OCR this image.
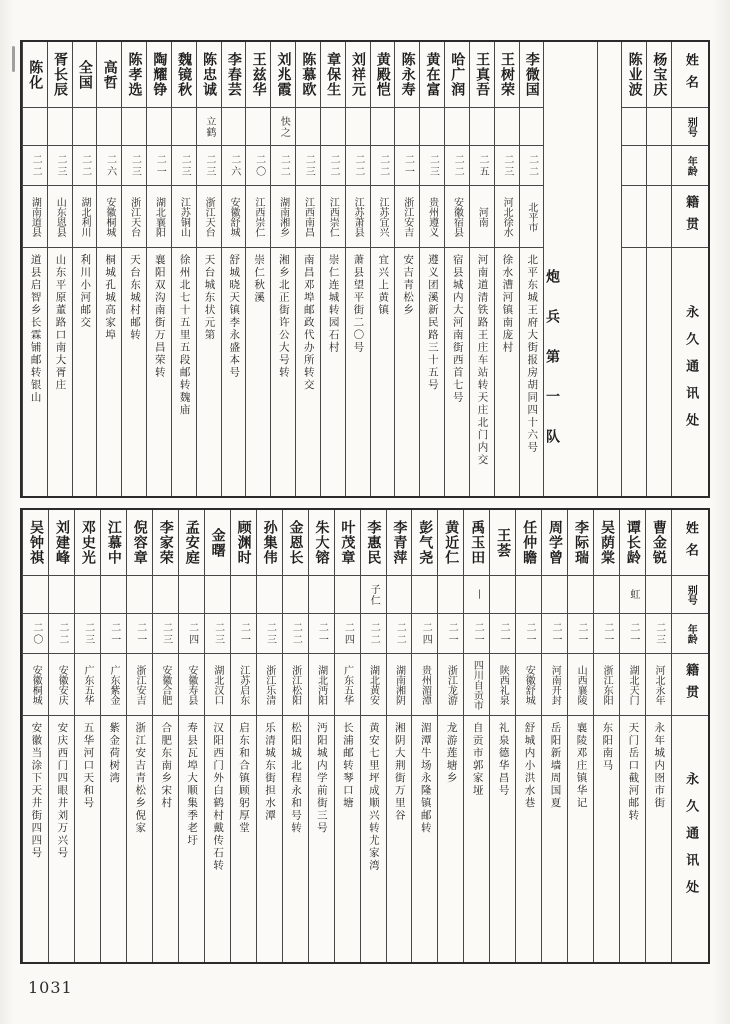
姓名
别号
年龄
籍贯
永久通讯处
杨宝庆
陈业波
炮兵第一队
李微国
二二
北平市
北平东城王府大街报房胡同四十六号
王树荣
二三
河北徐水
徐水漕河镇南庞村
王真吾
二五
河南
河南道清铁路王庄车站转天庄北门内交
哈广润
二二
安徽宿县
宿县城内大河南街西首七号
黄在富
二三
贵州遵义
遵义团溪新民路三十五号
陈永寿
二一
浙江安吉
安吉青松乡
黄殿恺
二二
江苏宜兴
宜兴上黄镇
刘祥元
二二
江苏萧县
萧县望平街二〇号
章保生
二二
江西崇仁
崇仁连城转园石村
陈慕欧
二三
江西南昌
南昌邓埠邮政代办所转交
刘兆霞
快之
二二
湖南湘乡
湘乡北正街许公大号转
王兹华
二〇
江西崇仁
崇仁秋溪
李春芸
二六
安徽舒城
舒城晓天镇李永盛本号
陈忠诚
立鹤
二三
浙江天台
天台城东状元第
魏镜秋
二三
江苏铜山
徐州北七十五里五段邮转魏庙
陶耀铮
二一
湖北襄阳
襄阳双沟南街万昌荣转
陈孝选
二三
浙江天台
天台东城村邮转
高哲
二六
安徽桐城
桐城孔城高家埠
全国
二二
湖北利川
利川小河邮交
胥长辰
二三
山东恩县
山东平原董路口南大胥庄
陈化
二二
湖南道县
道县启智乡长霖铺邮转银山
姓名
别号
年龄
籍贯
永久通讯处
曹金锐
二三
河北永年
永年城内囹市街
谭长龄
虹
二一
湖北天门
天门岳口截河邮转
吴荫棠
二一
浙江东阳
东阳南马
李际瑞
二一
山西襄陵
襄陵邓庄镇华记
周学曾
二一
河南开封
岳阳新墙周国夏
任仲瞻
二一
安徽舒城
舒城内小洪水巷
王荟
二一
陕西礼泉
礼泉德华昌号
禹玉田
丨
二一
四川自贡市
自贡市郭家垭
黄近仁
二一
浙江龙游
龙游莲塘乡
彭气尧
二四
贵州湄潭
湄潭牛场永隆镇邮转
李青萍
二二
湖南湘阴
湘阴大荆街万里谷
李惠民
子仁
二二
湖北黄安
黄安七里坪成顺兴转尤家湾
叶茂章
二四
广东五华
长浦邮转琴口塘
朱大镕
二一
湖北沔阳
沔阳城内学前街三号
金恩长
二二
浙江松阳
松阳城北程永和号转
孙集伟
二三
浙江乐清
乐清城东街担水潭
顾渊时
二一
江苏启东
启东和合镇顾躬厚堂
金曙
二三
湖北汉口
汉阳西门外白鹤村戴传石转
孟安庭
二四
安徽寿县
寿县瓦埠大顺集季老圩
李家荣
二三
安徽合肥
合肥东南乡宋村
倪容章
二一
浙江安吉
浙江安吉青松乡倪家
江慕中
二一
广东紫金
紫金荷树湾
邓史光
二三
广东五华
五华河口天和号
刘建峰
二二
安徽安庆
安庆西门四眼井刘万兴号
吴钟祺
二〇
安徽桐城
安徽当涂下天井街四四号
1031
